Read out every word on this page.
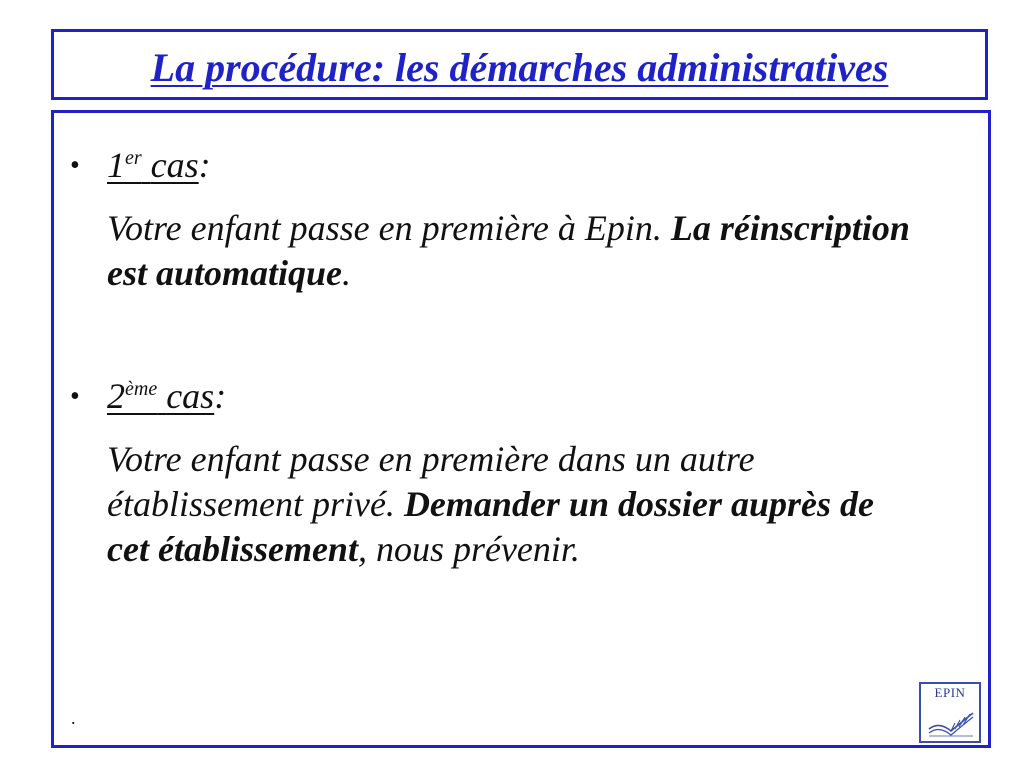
La procédure: les démarches administratives
• 1er cas:
Votre enfant passe en première à Epin. La réinscription est automatique.
• 2ème cas:
Votre enfant passe en première dans un autre établissement privé. Demander un dossier auprès de cet établissement, nous prévenir.
.
EPIN
